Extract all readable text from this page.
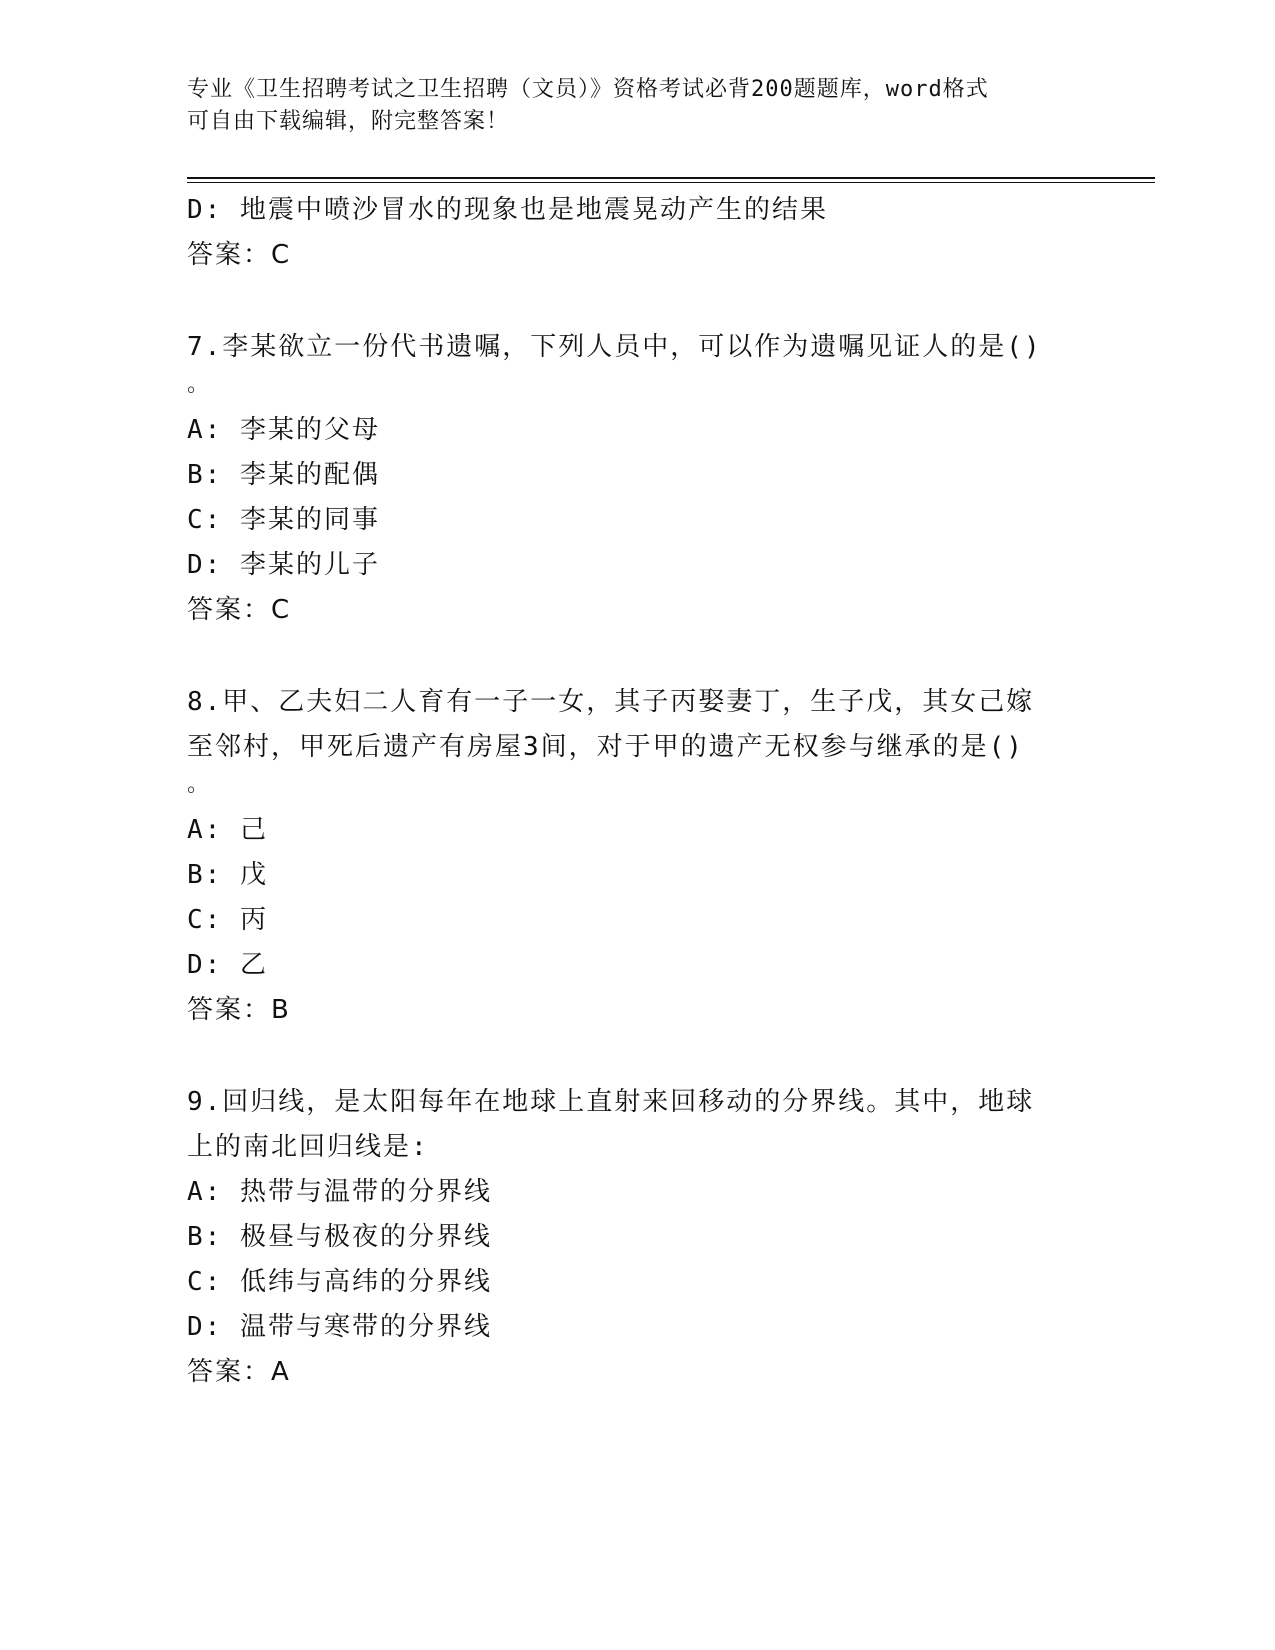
专业《卫生招聘考试之卫生招聘（文员）》资格考试必背200题题库，word格式
可自由下载编辑，附完整答案！
D: 地震中喷沙冒水的现象也是地震晃动产生的结果
答案：C
7.李某欲立一份代书遗嘱，下列人员中，可以作为遗嘱见证人的是()
。
A: 李某的父母
B: 李某的配偶
C: 李某的同事
D: 李某的儿子
答案：C
8.甲、乙夫妇二人育有一子一女，其子丙娶妻丁，生子戊，其女己嫁
至邻村，甲死后遗产有房屋3间，对于甲的遗产无权参与继承的是()
。
A: 己
B: 戊
C: 丙
D: 乙
答案：B
9.回归线，是太阳每年在地球上直射来回移动的分界线。其中，地球
上的南北回归线是:
A: 热带与温带的分界线
B: 极昼与极夜的分界线
C: 低纬与高纬的分界线
D: 温带与寒带的分界线
答案：A
